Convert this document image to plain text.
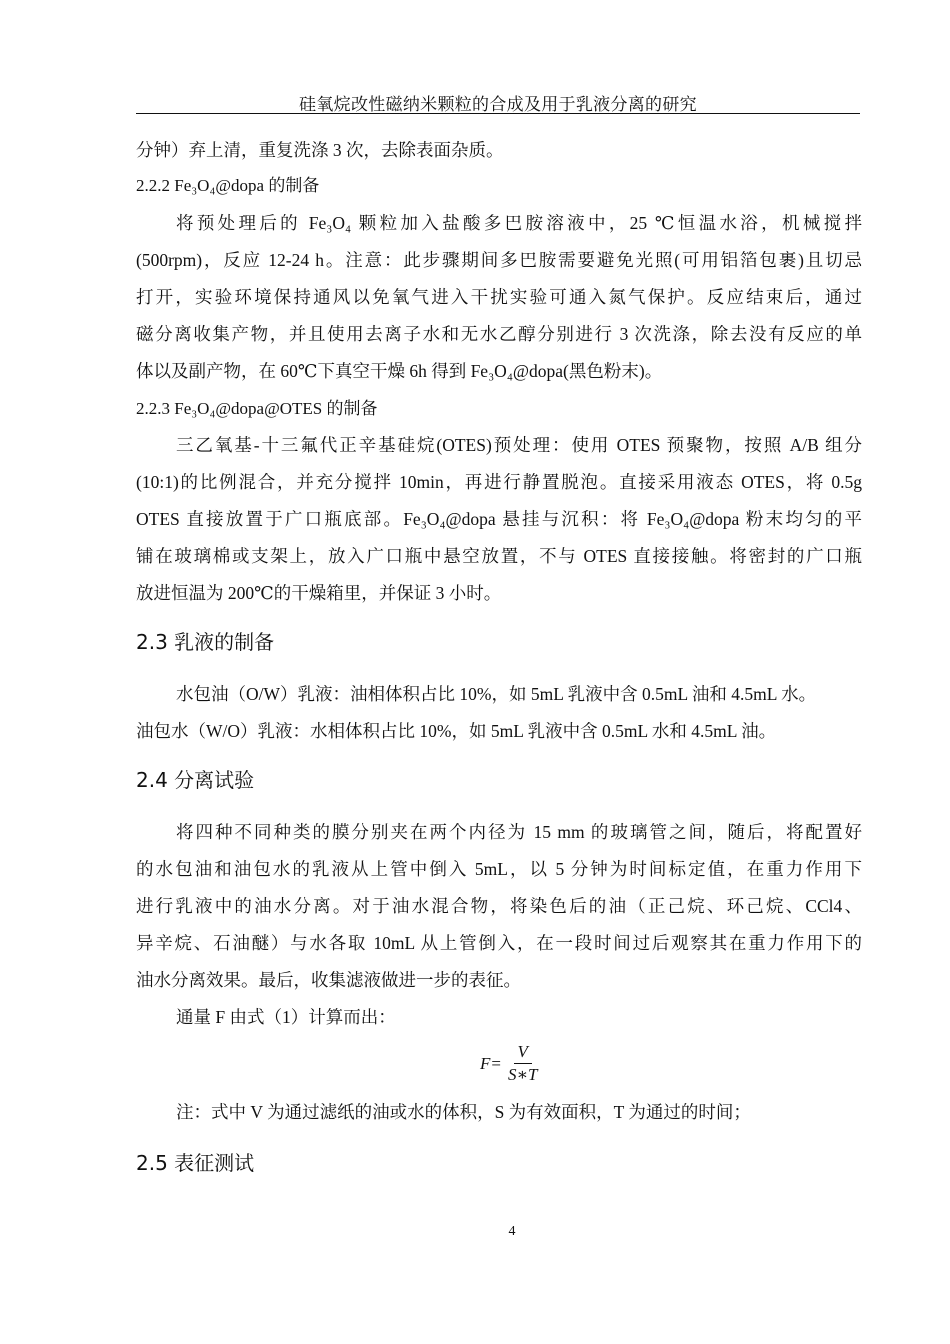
硅氧烷改性磁纳米颗粒的合成及用于乳液分离的研究
分钟）弃上清，重复洗涤 3 次，去除表面杂质。
2.2.2 Fe₃O₄@dopa 的制备
将预处理后的 Fe₃O₄ 颗粒加入盐酸多巴胺溶液中，25 ℃恒温水浴，机械搅拌
(500rpm)，反应 12-24 h。注意：此步骤期间多巴胺需要避免光照(可用铝箔包裹)且切忌
打开，实验环境保持通风以免氧气进入干扰实验可通入氮气保护。反应结束后，通过
磁分离收集产物，并且使用去离子水和无水乙醇分别进行 3 次洗涤，除去没有反应的单
体以及副产物，在 60℃下真空干燥 6h 得到 Fe₃O₄@dopa(黑色粉末)。
2.2.3 Fe₃O₄@dopa@OTES 的制备
三乙氧基-十三氟代正辛基硅烷(OTES)预处理：使用 OTES 预聚物，按照 A/B 组分
(10:1)的比例混合，并充分搅拌 10min，再进行静置脱泡。直接采用液态 OTES，将 0.5g
OTES 直接放置于广口瓶底部。Fe₃O₄@dopa 悬挂与沉积：将 Fe₃O₄@dopa 粉末均匀的平
铺在玻璃棉或支架上，放入广口瓶中悬空放置，不与 OTES 直接接触。将密封的广口瓶
放进恒温为 200℃的干燥箱里，并保证 3 小时。
2.3 乳液的制备
水包油（O/W）乳液：油相体积占比 10%，如 5mL 乳液中含 0.5mL 油和 4.5mL 水。
油包水（W/O）乳液：水相体积占比 10%，如 5mL 乳液中含 0.5mL 水和 4.5mL 油。
2.4 分离试验
将四种不同种类的膜分别夹在两个内径为 15 mm 的玻璃管之间，随后，将配置好
的水包油和油包水的乳液从上管中倒入 5mL，以 5 分钟为时间标定值，在重力作用下
进行乳液中的油水分离。对于油水混合物，将染色后的油（正己烷、环己烷、CCl4、
异辛烷、石油醚）与水各取 10mL 从上管倒入，在一段时间过后观察其在重力作用下的
油水分离效果。最后，收集滤液做进一步的表征。
通量 F 由式（1）计算而出：
$F = \frac{V}{S∗T}$
注：式中 V 为通过滤纸的油或水的体积，S 为有效面积，T 为通过的时间；
2.5 表征测试
4
